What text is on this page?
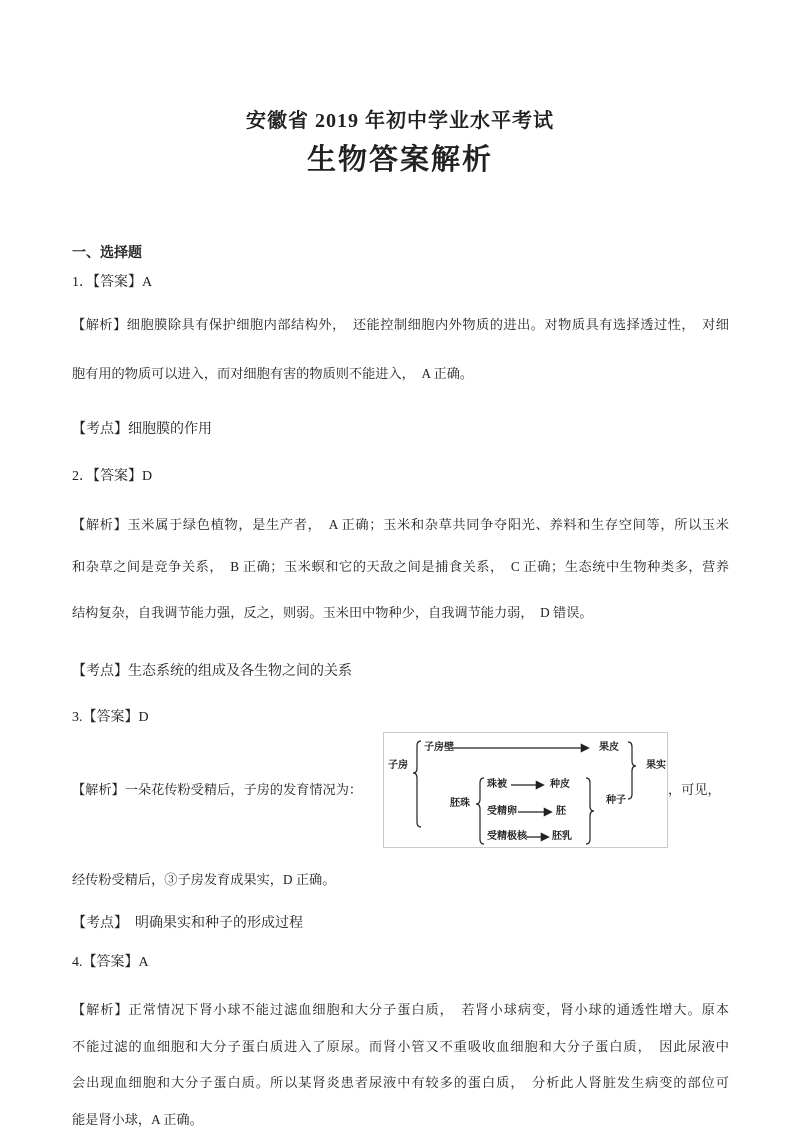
安徽省 2019 年初中学业水平考试
生物答案解析
一、选择题
1．【答案】A
【解析】细胞膜除具有保护细胞内部结构外，　还能控制细胞内外物质的进出。对物质具有选择透过性，　对细
胞有用的物质可以进入，而对细胞有害的物质则不能进入，　A 正确。
【考点】细胞膜的作用
2．【答案】D
【解析】玉米属于绿色植物，是生产者，　A 正确；玉米和杂草共同争夺阳光、养料和生存空间等，所以玉米
和杂草之间是竞争关系，　B 正确；玉米螟和它的天敌之间是捕食关系，　C 正确；生态统中生物种类多，营养
结构复杂，自我调节能力强，反之，则弱。玉米田中物种少，自我调节能力弱，　D 错误。
【考点】生态系统的组成及各生物之间的关系
3.【答案】D
【解析】一朵花传粉受精后，子房的发育情况为：
子房
子房壁	果皮
胚珠
珠被	种皮
受精卵	胚
受精极核	胚乳
种子
果实
，可见，
经传粉受精后，③子房发育成果实，D 正确。
【考点】　明确果实和种子的形成过程
4.【答案】A
【解析】正常情况下肾小球不能过滤血细胞和大分子蛋白质，　若肾小球病变，肾小球的通透性增大。原本
不能过滤的血细胞和大分子蛋白质进入了原尿。而肾小管又不重吸收血细胞和大分子蛋白质，　因此尿液中
会出现血细胞和大分子蛋白质。所以某肾炎患者尿液中有较多的蛋白质，　分析此人肾脏发生病变的部位可
能是肾小球，A 正确。
